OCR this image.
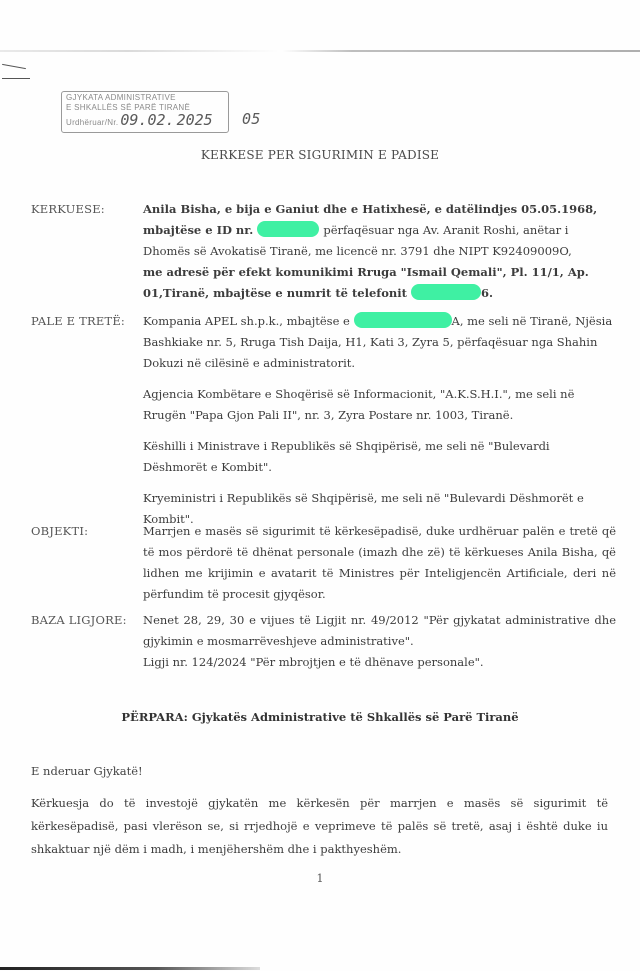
GJYKATA ADMINISTRATIVE
E SHKALLËS SË PARË TIRANË
Urdhëruar/Nr. 09.02. 2025 05
KERKESE PER SIGURIMIN E PADISE
KERKUESE:	Anila Bisha, e bija e Ganiut dhe e Hatixhesë, e datëlindjes 05.05.1968,
mbajtëse e ID nr.	përfaqësuar nga Av. Aranit Roshi, anëtar i
Dhomës së Avokatisë Tiranë, me licencë nr. 3791 dhe NIPT K92409009O,
me adresë për efekt komunikimi Rruga "Ismail Qemali", Pl. 11/1, Ap.
01,Tiranë, mbajtëse e numrit të telefonit	6.
PALE E TRETË:	Kompania APEL sh.p.k., mbajtëse e	A, me seli në Tiranë, Njësia Bashkiake nr. 5, Rruga Tish Daija, H1, Kati 3, Zyra 5, përfaqësuar nga Shahin Dokuzi në cilësinë e administratorit.

Agjencia Kombëtare e Shoqërisë së Informacionit, "A.K.S.H.I.", me seli në Rrugën "Papa Gjon Pali II", nr. 3, Zyra Postare nr. 1003, Tiranë.

Këshilli i Ministrave i Republikës së Shqipërisë, me seli në "Bulevardi Dëshmorët e Kombit".

Kryeministri i Republikës së Shqipërisë, me seli në "Bulevardi Dëshmorët e Kombit".

OBJEKTI:	Marrjen e masës së sigurimit të kërkesëpadisë, duke urdhëruar palën e tretë që të mos përdorë të dhënat personale (imazh dhe zë) të kërkueses Anila Bisha, që lidhen me krijimin e avatarit të Ministres për Inteligjencën Artificiale, deri në përfundim të procesit gjyqësor.
BAZA LIGJORE:	Nenet 28, 29, 30 e vijues të Ligjit nr. 49/2012 "Për gjykatat administrative dhe gjykimin e mosmarrëveshjeve administrative".
Ligji nr. 124/2024 "Për mbrojtjen e të dhënave personale".
PËRPARA: Gjykatës Administrative të Shkallës së Parë Tiranë
E nderuar Gjykatë!
Kërkuesja do të investojë gjykatën me kërkesën për marrjen e masës së sigurimit të kërkesëpadisë, pasi vlerëson se, si rrjedhojë e veprimeve të palës së tretë, asaj i është duke iu shkaktuar një dëm i madh, i menjëhershëm dhe i pakthyeshëm.
1
